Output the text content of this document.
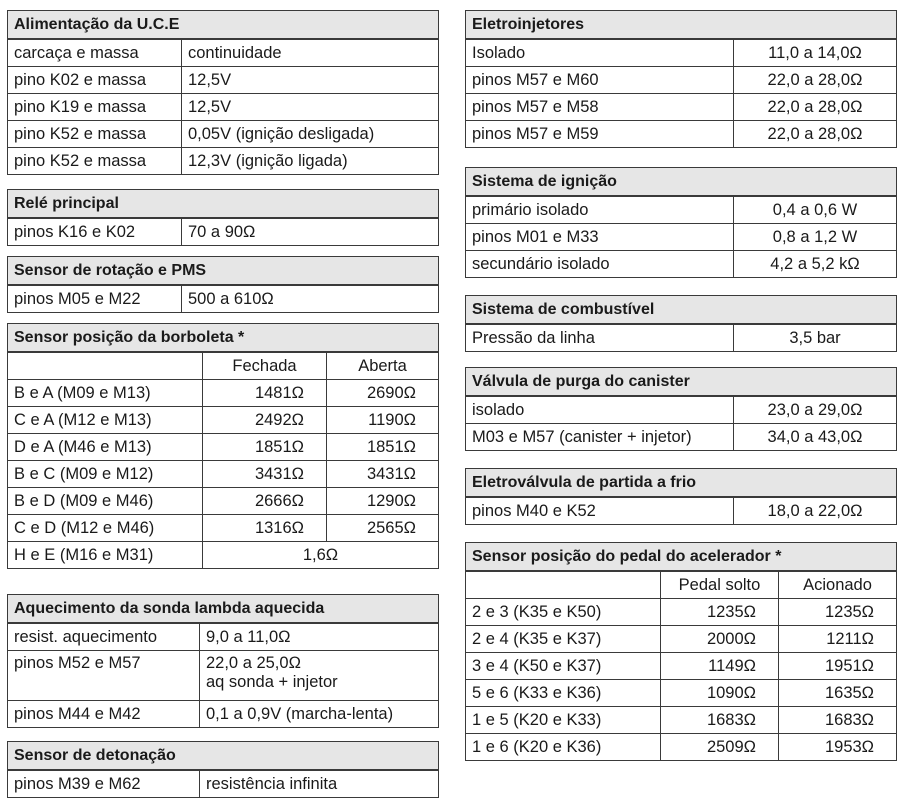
Alimentação da U.C.E	
carcaça e massa	continuidade
pino K02 e massa	12,5V
pino K19 e massa	12,5V
pino K52 e massa	0,05V (ignição desligada)
pino K52 e massa	12,3V (ignição ligada)
Relé principal
pinos K16 e K02	70 a 90Ω
Sensor de rotação e PMS
pinos M05 e M22	500 a 610Ω
Sensor posição da borboleta *		
	Fechada	Aberta
B e A (M09 e M13)	1481Ω	2690Ω
C e A (M12 e M13)	2492Ω	1190Ω
D e A (M46 e M13)	1851Ω	1851Ω
B e C (M09 e M12)	3431Ω	3431Ω
B e D (M09 e M46)	2666Ω	1290Ω
C e D (M12 e M46)	1316Ω	2565Ω
H e E (M16 e M31)	1,6Ω	
Aquecimento da sonda lambda aquecida	
resist. aquecimento	9,0 a 11,0Ω
pinos M52 e M57	22,0 a 25,0Ω
aq sonda + injetor

pinos M44 e M42	0,1 a 0,9V (marcha-lenta)
Sensor de detonação
pinos M39 e M62	resistência infinita
Eletroinjetores	
Isolado	11,0 a 14,0Ω
pinos M57 e M60	22,0 a 28,0Ω
pinos M57 e M58	22,0 a 28,0Ω
pinos M57 e M59	22,0 a 28,0Ω
Sistema de ignição	
primário isolado	0,4 a 0,6 W
pinos M01 e M33	0,8 a 1,2 W
secundário isolado	4,2 a 5,2 kΩ
Sistema de combustível
Pressão da linha	3,5 bar
Válvula de purga do canister	
isolado	23,0 a 29,0Ω
M03 e M57 (canister + injetor)	34,0 a 43,0Ω
Eletroválvula de partida a frio
pinos M40 e K52	18,0 a 22,0Ω
Sensor posição do pedal do acelerador *		
	Pedal solto	Acionado
2 e 3 (K35 e K50)	1235Ω	1235Ω
2 e 4 (K35 e K37)	2000Ω	1211Ω
3 e 4 (K50 e K37)	1149Ω	1951Ω
5 e 6 (K33 e K36)	1090Ω	1635Ω
1 e 5 (K20 e K33)	1683Ω	1683Ω
1 e 6 (K20 e K36)	2509Ω	1953Ω
